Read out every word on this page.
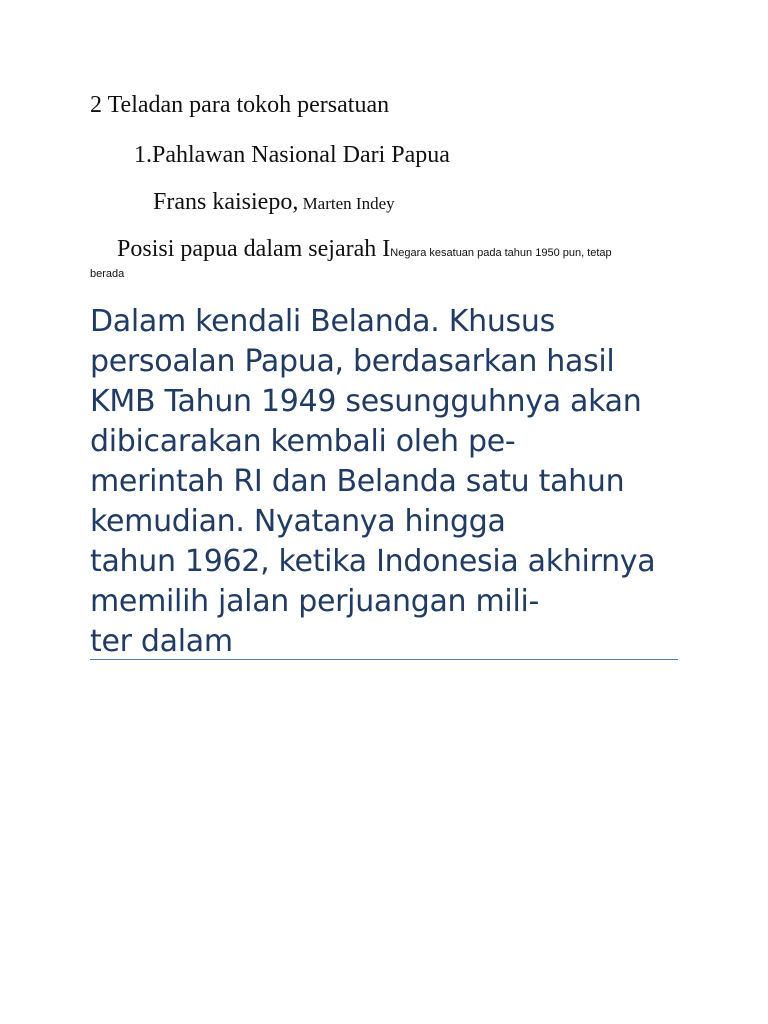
2 Teladan para tokoh persatuan
1.Pahlawan Nasional Dari Papua
Frans kaisiepo, Marten Indey
Posisi papua dalam sejarah INegara kesatuan pada tahun 1950 pun, tetap
berada
Dalam kendali Belanda. Khusus
persoalan Papua, berdasarkan hasil
KMB Tahun 1949 sesungguhnya akan
dibicarakan kembali oleh pe-
merintah RI dan Belanda satu tahun
kemudian. Nyatanya hingga
tahun 1962, ketika Indonesia akhirnya
memilih jalan perjuangan mili-
ter dalam
